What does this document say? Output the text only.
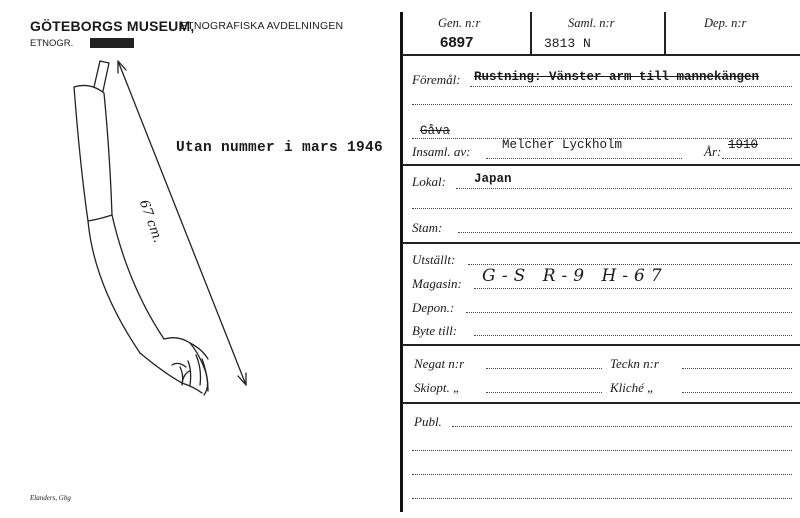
GÖTEBORGS MUSEUM,
ETNOGRAFISKA AVDELNINGEN
ETNOGR.
67 cm.
Utan nummer i mars 1946
Elanders, Gbg
Gen. n:r
6897
Saml. n:r
3813 N
Dep. n:r
Föremål: Rustning: Vänster arm till mannekängen
Gåva
Insaml. av:	Melcher Lyckholm	År: 1910
Lokal: Japan
Stam:
Utställt:
Magasin: G-S R-9 H-67
Depon.:
Byte till:
Negat n:r	Teckn n:r
Skiopt. „	Kliché „
Publ.
